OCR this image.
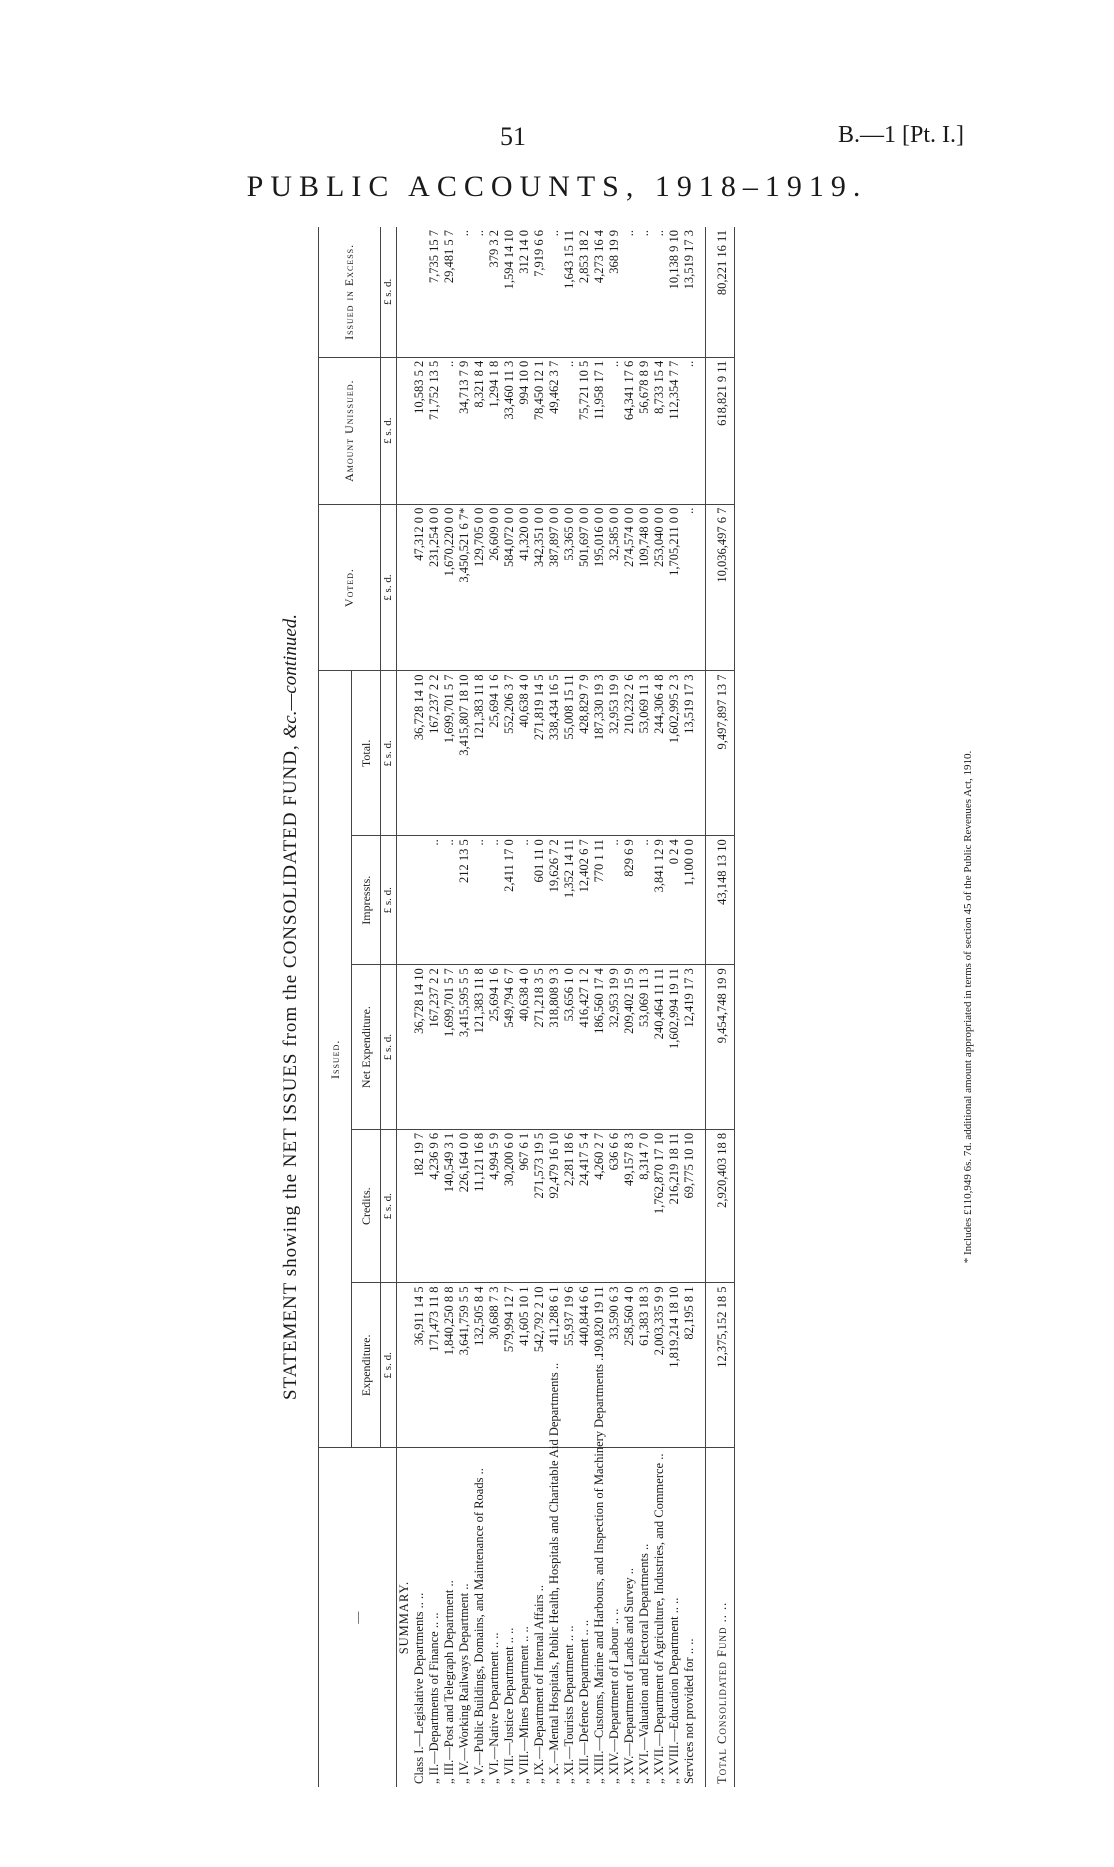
51	B.—1 [Pt. I.]
PUBLIC ACCOUNTS, 1918–1919.
STATEMENT showing the NET ISSUES from the CONSOLIDATED FUND, &c.—continued.
—	Issued.					Voted.	Amount Unissued.	Issued in Excess.
	Expenditure.	Credits.	Net Expenditure.	Impressts.	Total.			
	£ s. d.	£ s. d.	£ s. d.	£ s. d.	£ s. d.	£ s. d.	£ s. d.	£ s. d.
SUMMARY.								
Class I.—Legislative Departments .. ..	36,911 14 5	182 19 7	36,728 14 10		36,728 14 10	47,312 0 0	10,583 5 2	
„ II.—Departments of Finance .. ..	171,473 11 8	4,236 9 6	167,237 2 2	..	167,237 2 2	231,254 0 0	71,752 13 5	7,735 15 7
„ III.—Post and Telegraph Department ..	1,840,250 8 8	140,549 3 1	1,699,701 5 7	..	1,699,701 5 7	1,670,220 0 0	..	29,481 5 7
„ IV.—Working Railways Department ..	3,641,759 5 5	226,164 0 0	3,415,595 5 5	212 13 5	3,415,807 18 10	3,450,521 6 7*	34,713 7 9	..
„ V.—Public Buildings, Domains, and Maintenance of Roads ..	132,505 8 4	11,121 16 8	121,383 11 8	..	121,383 11 8	129,705 0 0	8,321 8 4	..
„ VI.—Native Department .. ..	30,688 7 3	4,994 5 9	25,694 1 6	..	25,694 1 6	26,609 0 0	1,294 1 8	379 3 2
„ VII.—Justice Department .. ..	579,994 12 7	30,200 6 0	549,794 6 7	2,411 17 0	552,206 3 7	584,072 0 0	33,460 11 3	1,594 14 10
„ VIII.—Mines Department .. ..	41,605 10 1	967 6 1	40,638 4 0	..	40,638 4 0	41,320 0 0	994 10 0	312 14 0
„ IX.—Department of Internal Affairs ..	542,792 2 10	271,573 19 5	271,218 3 5	601 11 0	271,819 14 5	342,351 0 0	78,450 12 1	7,919 6 6
„ X.—Mental Hospitals, Public Health, Hospitals and Charitable Aid Departments ..	411,288 6 1	92,479 16 10	318,808 9 3	19,626 7 2	338,434 16 5	387,897 0 0	49,462 3 7	..
„ XI.—Tourists Department .. ..	55,937 19 6	2,281 18 6	53,656 1 0	1,352 14 11	55,008 15 11	53,365 0 0	..	1,643 15 11
„ XII.—Defence Department .. ..	440,844 6 6	24,417 5 4	416,427 1 2	12,402 6 7	428,829 7 9	501,697 0 0	75,721 10 5	2,853 18 2
„ XIII.—Customs, Marine and Harbours, and Inspection of Machinery Departments ..	190,820 19 11	4,260 2 7	186,560 17 4	770 1 11	187,330 19 3	195,016 0 0	11,958 17 1	4,273 16 4
„ XIV.—Department of Labour .. ..	33,590 6 3	636 6 6	32,953 19 9	..	32,953 19 9	32,585 0 0	..	368 19 9
„ XV.—Department of Lands and Survey ..	258,560 4 0	49,157 8 3	209,402 15 9	829 6 9	210,232 2 6	274,574 0 0	64,341 17 6	..
„ XVI.—Valuation and Electoral Departments ..	61,383 18 3	8,314 7 0	53,069 11 3	..	53,069 11 3	109,748 0 0	56,678 8 9	..
„ XVII.—Department of Agriculture, Industries, and Commerce ..	2,003,335 9 9	1,762,870 17 10	240,464 11 11	3,841 12 9	244,306 4 8	253,040 0 0	8,733 15 4	..
„ XVIII.—Education Department .. ..	1,819,214 18 10	216,219 18 11	1,602,994 19 11	0 2 4	1,602,995 2 3	1,705,211 0 0	112,354 7 7	10,138 9 10
Services not provided for .. ..	82,195 8 1	69,775 10 10	12,419 17 3	1,100 0 0	13,519 17 3	..	..	13,519 17 3

Total Consolidated Fund .. ..	12,375,152 18 5	2,920,403 18 8	9,454,748 19 9	43,148 13 10	9,497,897 13 7	10,036,497 6 7	618,821 9 11	80,221 16 11
* Includes £110,949 6s. 7d. additional amount appropriated in terms of section 45 of the Public Revenues Act, 1910.
